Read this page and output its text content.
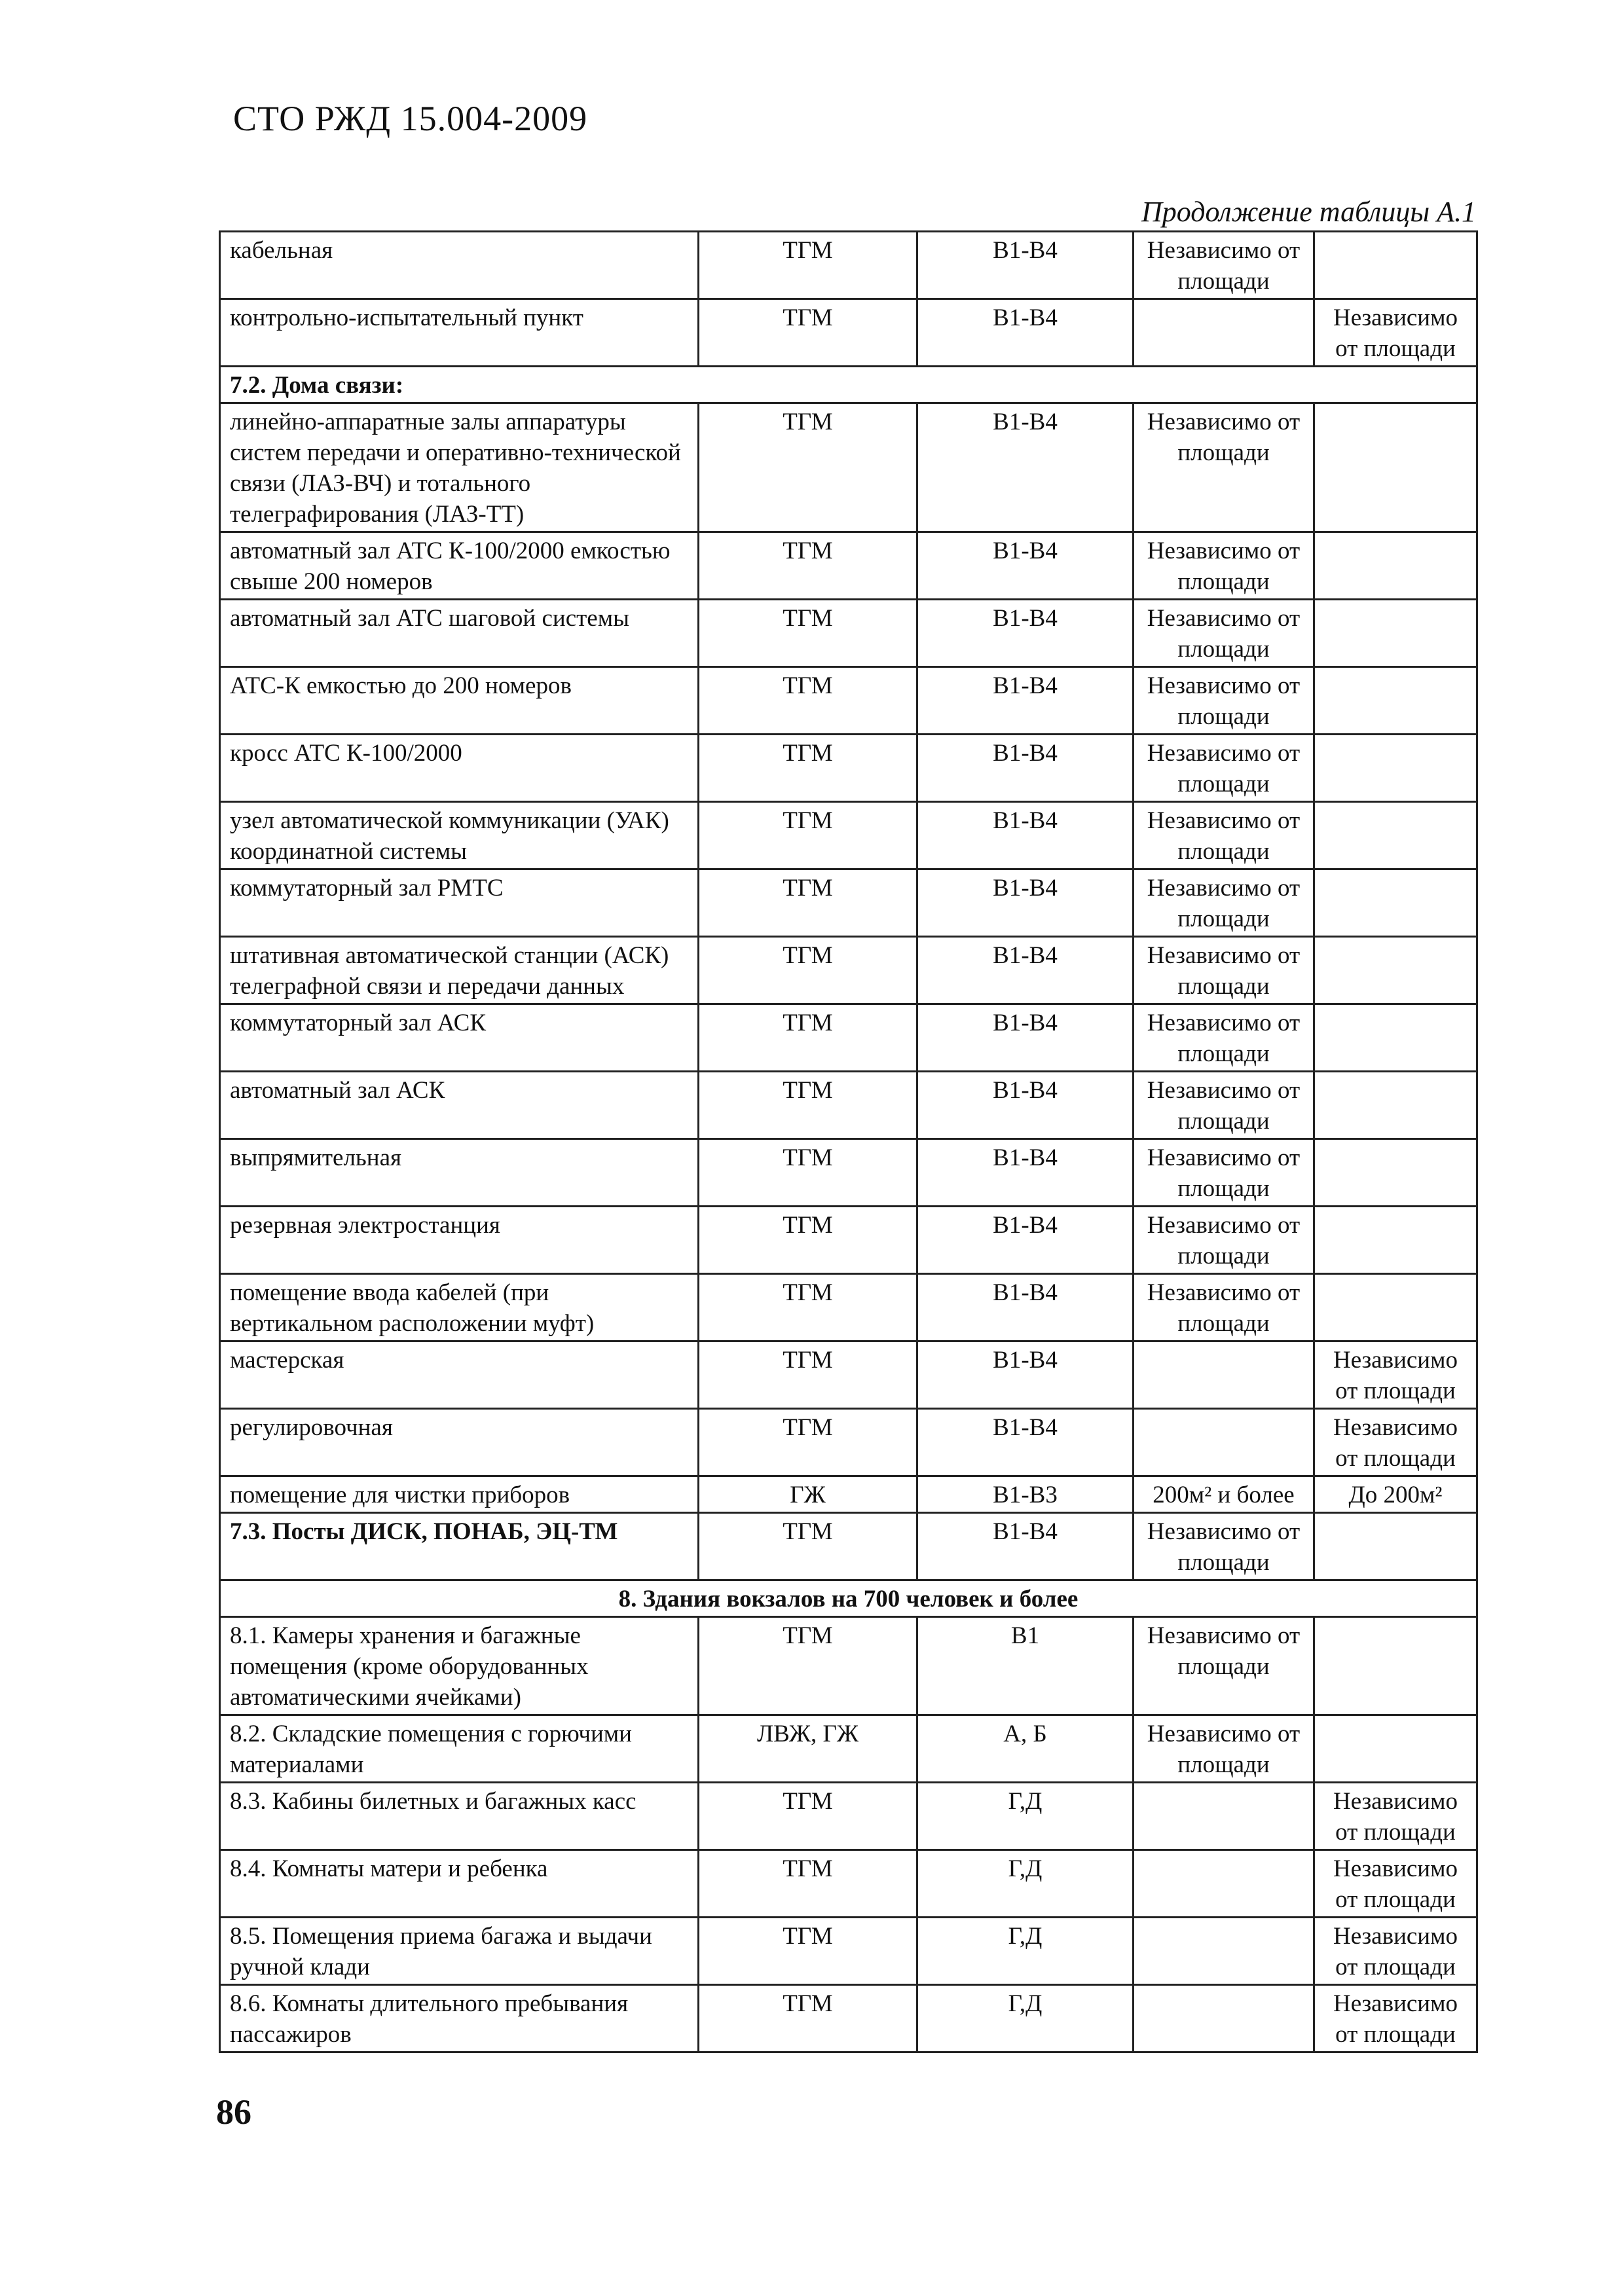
СТО РЖД 15.004-2009
Продолжение таблицы А.1
кабельная	ТГМ	В1-В4	Независимо от площади	
контрольно-испытательный пункт	ТГМ	В1-В4		Независимо от площади
7.2. Дома связи:				
линейно-аппаратные залы аппаратуры систем передачи и оперативно-технической связи (ЛАЗ-ВЧ) и тотального телеграфирования (ЛАЗ-ТТ)	ТГМ	В1-В4	Независимо от площади	
автоматный зал АТС К-100/2000 емкостью свыше 200 номеров	ТГМ	В1-В4	Независимо от площади	
автоматный зал АТС шаговой системы	ТГМ	В1-В4	Независимо от площади	
АТС-К емкостью до 200 номеров	ТГМ	В1-В4	Независимо от площади	
кросс АТС К-100/2000	ТГМ	В1-В4	Независимо от площади	
узел автоматической коммуникации (УАК) координатной системы	ТГМ	В1-В4	Независимо от площади	
коммутаторный зал РМТС	ТГМ	В1-В4	Независимо от площади	
штативная автоматической станции (АСК) телеграфной связи и передачи данных	ТГМ	В1-В4	Независимо от площади	
коммутаторный зал АСК	ТГМ	В1-В4	Независимо от площади	
автоматный зал АСК	ТГМ	В1-В4	Независимо от площади	
выпрямительная	ТГМ	В1-В4	Независимо от площади	
резервная электростанция	ТГМ	В1-В4	Независимо от площади	
помещение ввода кабелей (при вертикальном расположении муфт)	ТГМ	В1-В4	Независимо от площади	
мастерская	ТГМ	В1-В4		Независимо от площади
регулировочная	ТГМ	В1-В4		Независимо от площади
помещение для чистки приборов	ГЖ	В1-В3	200м² и более	До 200м²
7.3. Посты ДИСК, ПОНАБ, ЭЦ-ТМ	ТГМ	В1-В4	Независимо от площади	
8. Здания вокзалов на 700 человек и более				
8.1. Камеры хранения и багажные помещения (кроме оборудованных автоматическими ячейками)	ТГМ	В1	Независимо от площади	
8.2. Складские помещения с горючими материалами	ЛВЖ, ГЖ	А, Б	Независимо от площади	
8.3. Кабины билетных и багажных касс	ТГМ	Г,Д		Независимо от площади
8.4. Комнаты матери и ребенка	ТГМ	Г,Д		Независимо от площади
8.5. Помещения приема багажа и выдачи ручной клади	ТГМ	Г,Д		Независимо от площади
8.6. Комнаты длительного пребывания пассажиров	ТГМ	Г,Д		Независимо от площади
86
